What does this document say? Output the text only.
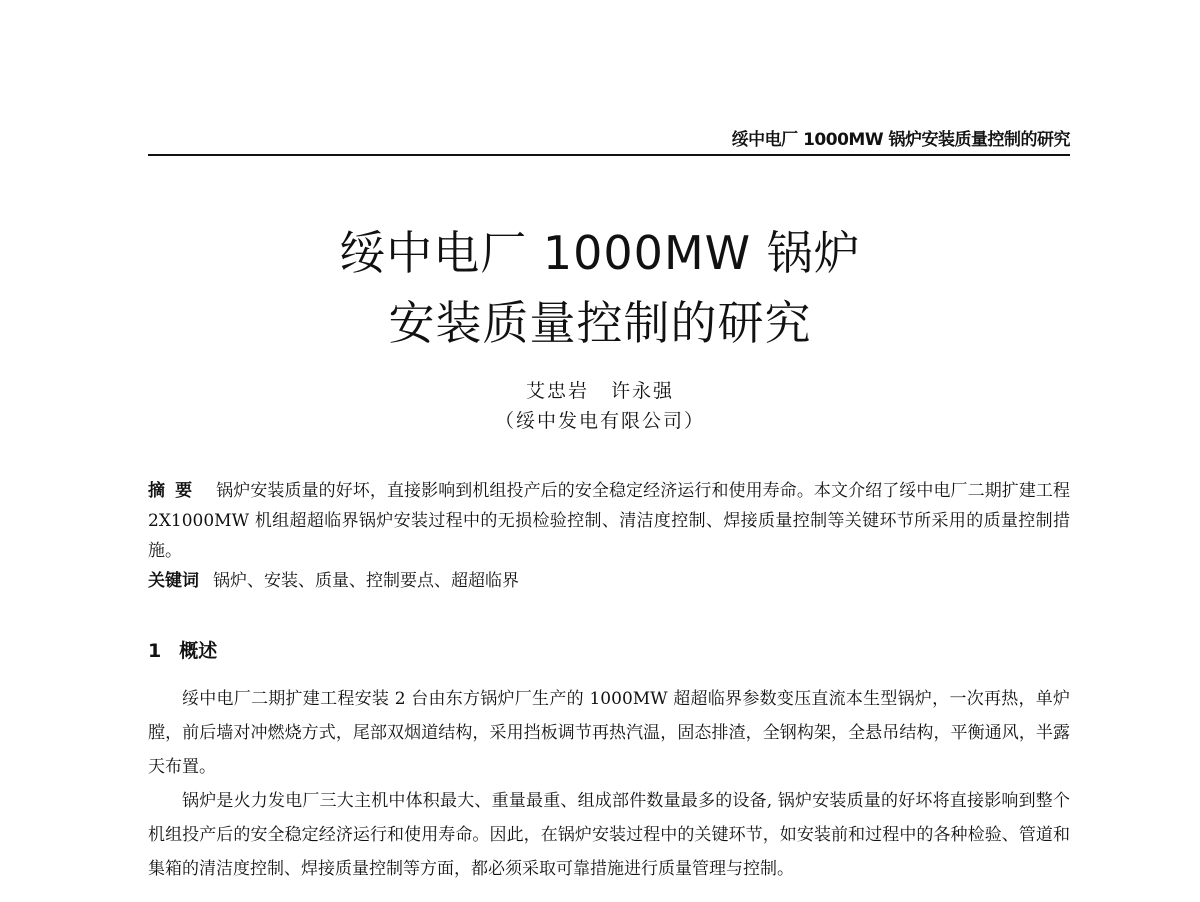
绥中电厂 1000MW 锅炉安装质量控制的研究
绥中电厂 1000MW 锅炉
安装质量控制的研究
艾忠岩 许永强
（绥中发电有限公司）
摘要 锅炉安装质量的好坏，直接影响到机组投产后的安全稳定经济运行和使用寿命。本文介绍了绥中电厂二期扩建工程 2X1000MW 机组超超临界锅炉安装过程中的无损检验控制、清洁度控制、焊接质量控制等关键环节所采用的质量控制措施。
关键词 锅炉、安装、质量、控制要点、超超临界
1 概述

绥中电厂二期扩建工程安装 2 台由东方锅炉厂生产的 1000MW 超超临界参数变压直流本生型锅炉，一次再热，单炉膛，前后墙对冲燃烧方式，尾部双烟道结构，采用挡板调节再热汽温，固态排渣，全钢构架，全悬吊结构，平衡通风，半露天布置。

锅炉是火力发电厂三大主机中体积最大、重量最重、组成部件数量最多的设备, 锅炉安装质量的好坏将直接影响到整个机组投产后的安全稳定经济运行和使用寿命。因此，在锅炉安装过程中的关键环节，如安装前和过程中的各种检验、管道和集箱的清洁度控制、焊接质量控制等方面，都必须采取可靠措施进行质量管理与控制。
